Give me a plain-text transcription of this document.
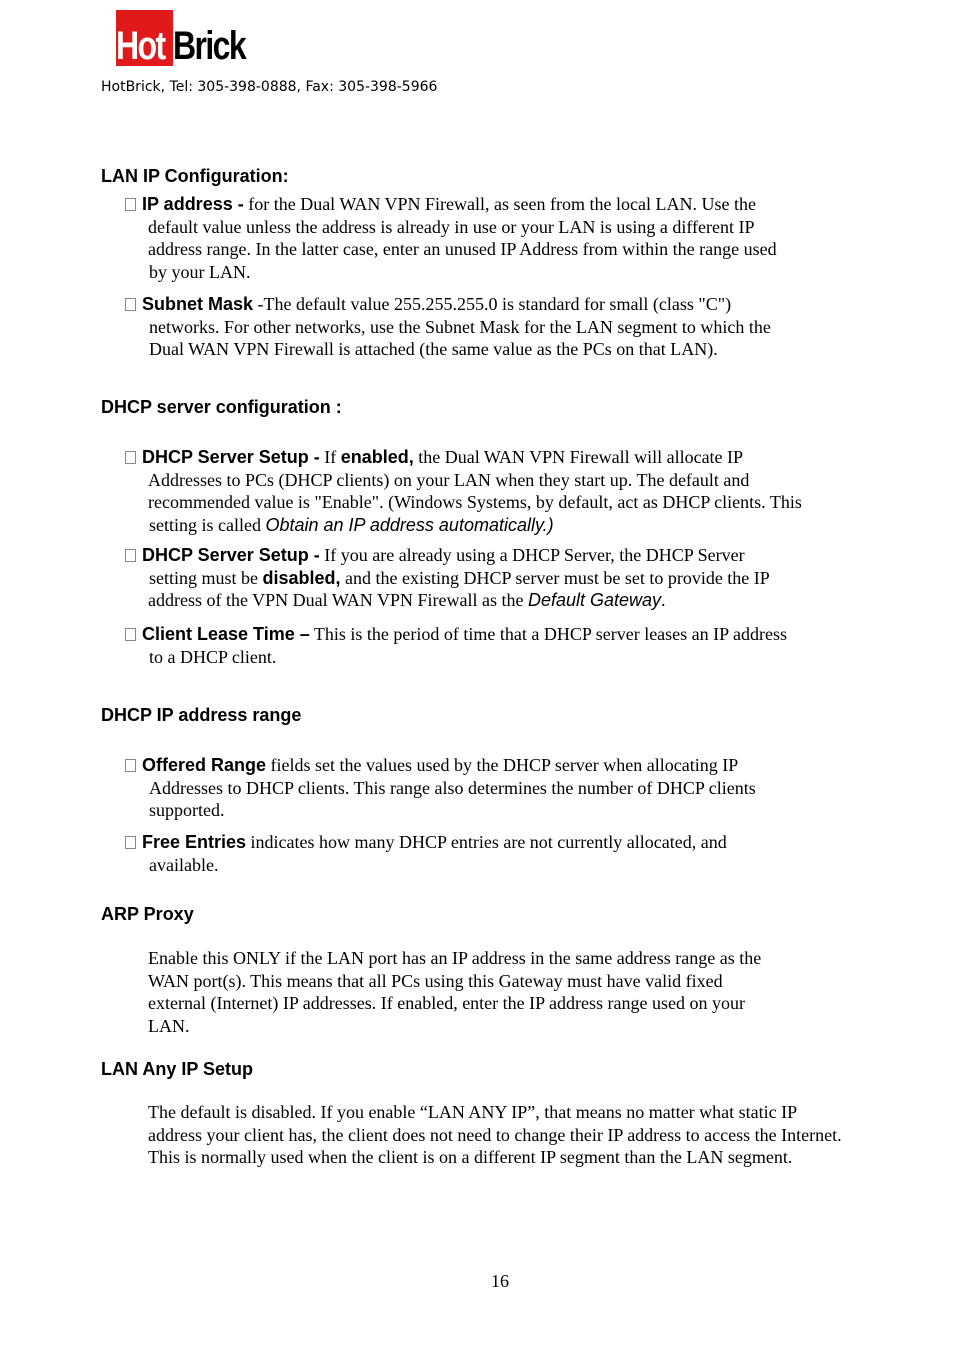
Hot Brick
HotBrick, Tel: 305-398-0888, Fax: 305-398-5966
LAN IP Configuration:
IP address - for the Dual WAN VPN Firewall, as seen from the local LAN. Use the
default value unless the address is already in use or your LAN is using a different IP
address range. In the latter case, enter an unused IP Address from within the range used
by your LAN.
Subnet Mask -The default value 255.255.255.0 is standard for small (class "C")
networks. For other networks, use the Subnet Mask for the LAN segment to which the
Dual WAN VPN Firewall is attached (the same value as the PCs on that LAN).
DHCP server configuration :
DHCP Server Setup - If enabled, the Dual WAN VPN Firewall will allocate IP
Addresses to PCs (DHCP clients) on your LAN when they start up. The default and
recommended value is "Enable". (Windows Systems, by default, act as DHCP clients. This
setting is called Obtain an IP address automatically.)
DHCP Server Setup - If you are already using a DHCP Server, the DHCP Server
setting must be disabled, and the existing DHCP server must be set to provide the IP
address of the VPN Dual WAN VPN Firewall as the Default Gateway.
Client Lease Time – This is the period of time that a DHCP server leases an IP address
to a DHCP client.
DHCP IP address range
Offered Range fields set the values used by the DHCP server when allocating IP
Addresses to DHCP clients. This range also determines the number of DHCP clients
supported.
Free Entries indicates how many DHCP entries are not currently allocated, and
available.
ARP Proxy
Enable this ONLY if the LAN port has an IP address in the same address range as the
WAN port(s). This means that all PCs using this Gateway must have valid fixed
external (Internet) IP addresses. If enabled, enter the IP address range used on your
LAN.
LAN Any IP Setup
The default is disabled. If you enable “LAN ANY IP”, that means no matter what static IP
address your client has, the client does not need to change their IP address to access the Internet.
This is normally used when the client is on a different IP segment than the LAN segment.
16
